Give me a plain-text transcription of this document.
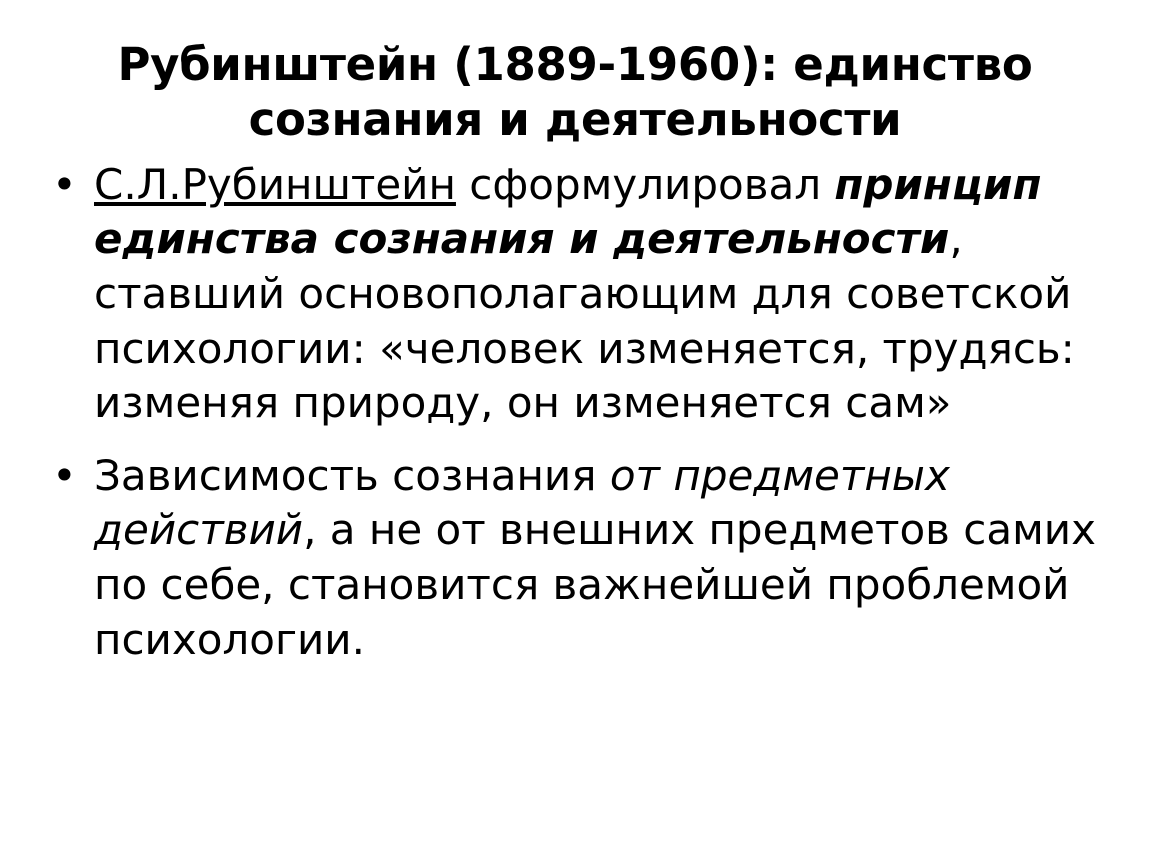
Рубинштейн (1889-1960): единство сознания и деятельности
• С.Л.Рубинштейн сформулировал принцип единства сознания и деятельности, ставший основополагающим для советской психологии: «человек изменяется, трудясь: изменяя природу, он изменяется сам»
• Зависимость сознания от предметных действий, а не от внешних предметов самих по себе, становится важнейшей проблемой психологии.
